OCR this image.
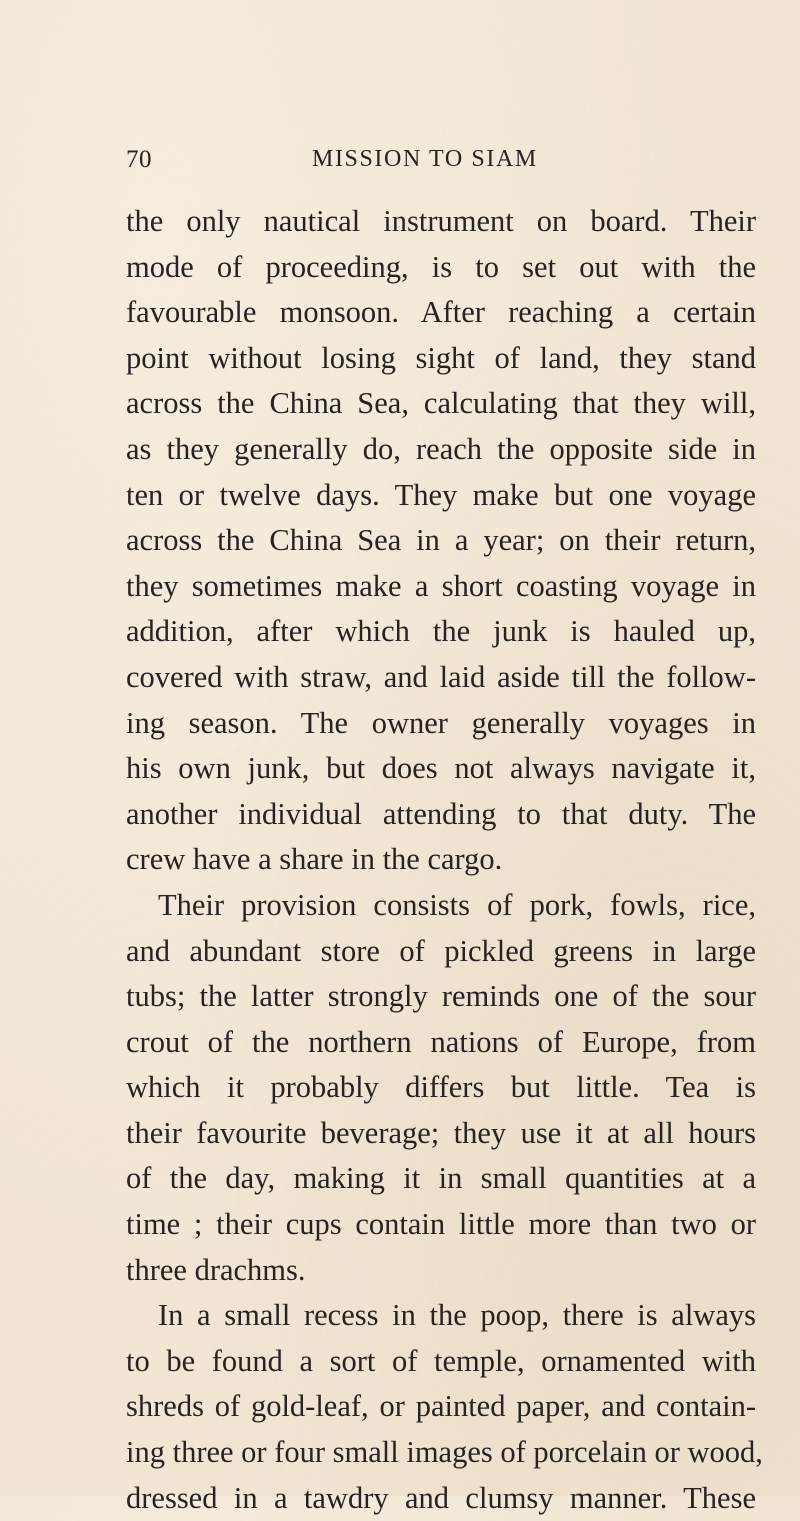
70	MISSION TO SIAM
the only nautical instrument on board. Their
mode of proceeding, is to set out with the
favourable monsoon. After reaching a certain
point without losing sight of land, they stand
across the China Sea, calculating that they will,
as they generally do, reach the opposite side in
ten or twelve days. They make but one voyage
across the China Sea in a year; on their return,
they sometimes make a short coasting voyage in
addition, after which the junk is hauled up,
covered with straw, and laid aside till the follow-
ing season. The owner generally voyages in
his own junk, but does not always navigate it,
another individual attending to that duty. The
crew have a share in the cargo.
Their provision consists of pork, fowls, rice,
and abundant store of pickled greens in large
tubs; the latter strongly reminds one of the sour
crout of the northern nations of Europe, from
which it probably differs but little. Tea is
their favourite beverage; they use it at all hours
of the day, making it in small quantities at a
time ; their cups contain little more than two or
three drachms.
In a small recess in the poop, there is always
to be found a sort of temple, ornamented with
shreds of gold-leaf, or painted paper, and contain-
ing three or four small images of porcelain or wood,
dressed in a tawdry and clumsy manner. These
